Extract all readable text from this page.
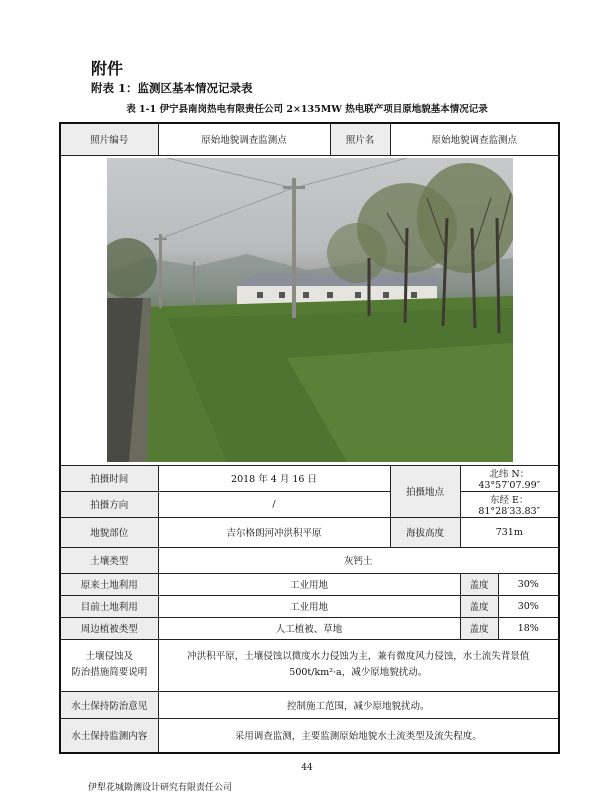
附件
附表 1：监测区基本情况记录表
表 1-1 伊宁县南岗热电有限责任公司 2×135MW 热电联产项目原地貌基本情况记录
照片编号	原始地貌调查监测点	照片名	原始地貌调查监测点		

拍摄时间	2018 年 4 月 16 日		拍摄地点	北纬 N：43°57′07.99″	
拍摄方向	/			东经 E：81°28′33.83″	
地貌部位	吉尔格朗河冲洪积平原		海拔高度	731m	
土壤类型	灰钙土				
原来土地利用	工业用地			盖度	30%
目前土地利用	工业用地			盖度	30%
周边植被类型	人工植被、草地			盖度	18%
土壤侵蚀及
防治措施简要说明	冲洪积平原，土壤侵蚀以微度水力侵蚀为主，兼有微度风力侵蚀，水土流失背景值 500t/km²·a，减少原地貌扰动。				
水土保持防治意见	控制施工范围，减少原地貌扰动。				
水土保持监测内容	采用调查监测，主要监测原始地貌水土流类型及流失程度。				
44
伊犁花城勘测设计研究有限责任公司
